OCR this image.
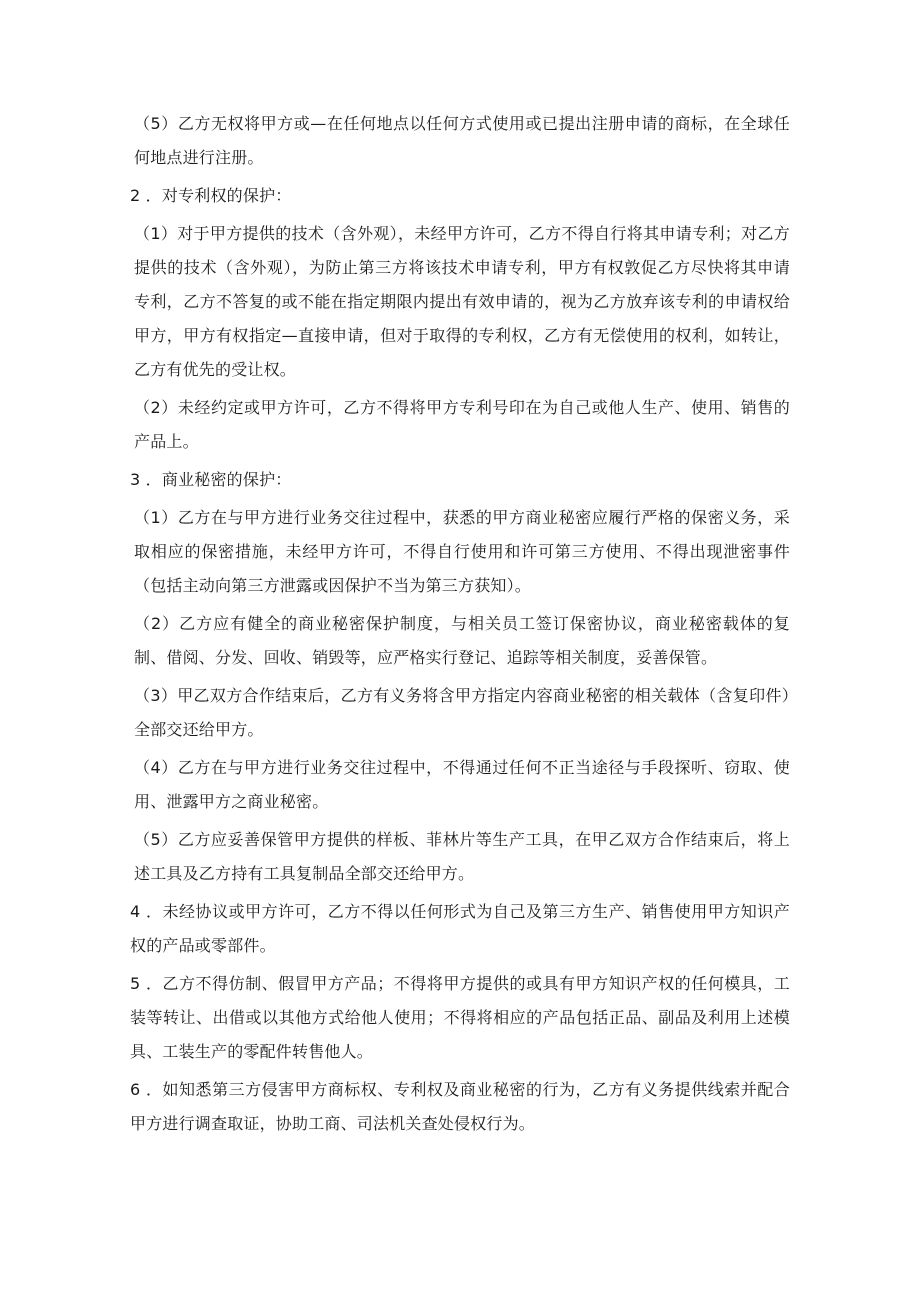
（5）乙方无权将甲方或—在任何地点以任何方式使用或已提出注册申请的商标，在全球任何地点进行注册。

2 ．对专利权的保护：

（1）对于甲方提供的技术（含外观），未经甲方许可，乙方不得自行将其申请专利；对乙方提供的技术（含外观），为防止第三方将该技术申请专利，甲方有权敦促乙方尽快将其申请专利，乙方不答复的或不能在指定期限内提出有效申请的，视为乙方放弃该专利的申请权给甲方，甲方有权指定—直接申请，但对于取得的专利权，乙方有无偿使用的权利，如转让，乙方有优先的受让权。

（2）未经约定或甲方许可，乙方不得将甲方专利号印在为自己或他人生产、使用、销售的产品上。

3 ．商业秘密的保护：

（1）乙方在与甲方进行业务交往过程中，获悉的甲方商业秘密应履行严格的保密义务，采取相应的保密措施，未经甲方许可，不得自行使用和许可第三方使用、不得出现泄密事件（包括主动向第三方泄露或因保护不当为第三方获知）。

（2）乙方应有健全的商业秘密保护制度，与相关员工签订保密协议，商业秘密载体的复制、借阅、分发、回收、销毁等，应严格实行登记、追踪等相关制度，妥善保管。

（3）甲乙双方合作结束后，乙方有义务将含甲方指定内容商业秘密的相关载体（含复印件）全部交还给甲方。

（4）乙方在与甲方进行业务交往过程中，不得通过任何不正当途径与手段探听、窃取、使用、泄露甲方之商业秘密。

（5）乙方应妥善保管甲方提供的样板、菲林片等生产工具，在甲乙双方合作结束后，将上述工具及乙方持有工具复制品全部交还给甲方。

4 ．未经协议或甲方许可，乙方不得以任何形式为自己及第三方生产、销售使用甲方知识产权的产品或零部件。

5 ．乙方不得仿制、假冒甲方产品；不得将甲方提供的或具有甲方知识产权的任何模具，工装等转让、出借或以其他方式给他人使用；不得将相应的产品包括正品、副品及利用上述模具、工装生产的零配件转售他人。

6 ．如知悉第三方侵害甲方商标权、专利权及商业秘密的行为，乙方有义务提供线索并配合甲方进行调查取证，协助工商、司法机关查处侵权行为。
